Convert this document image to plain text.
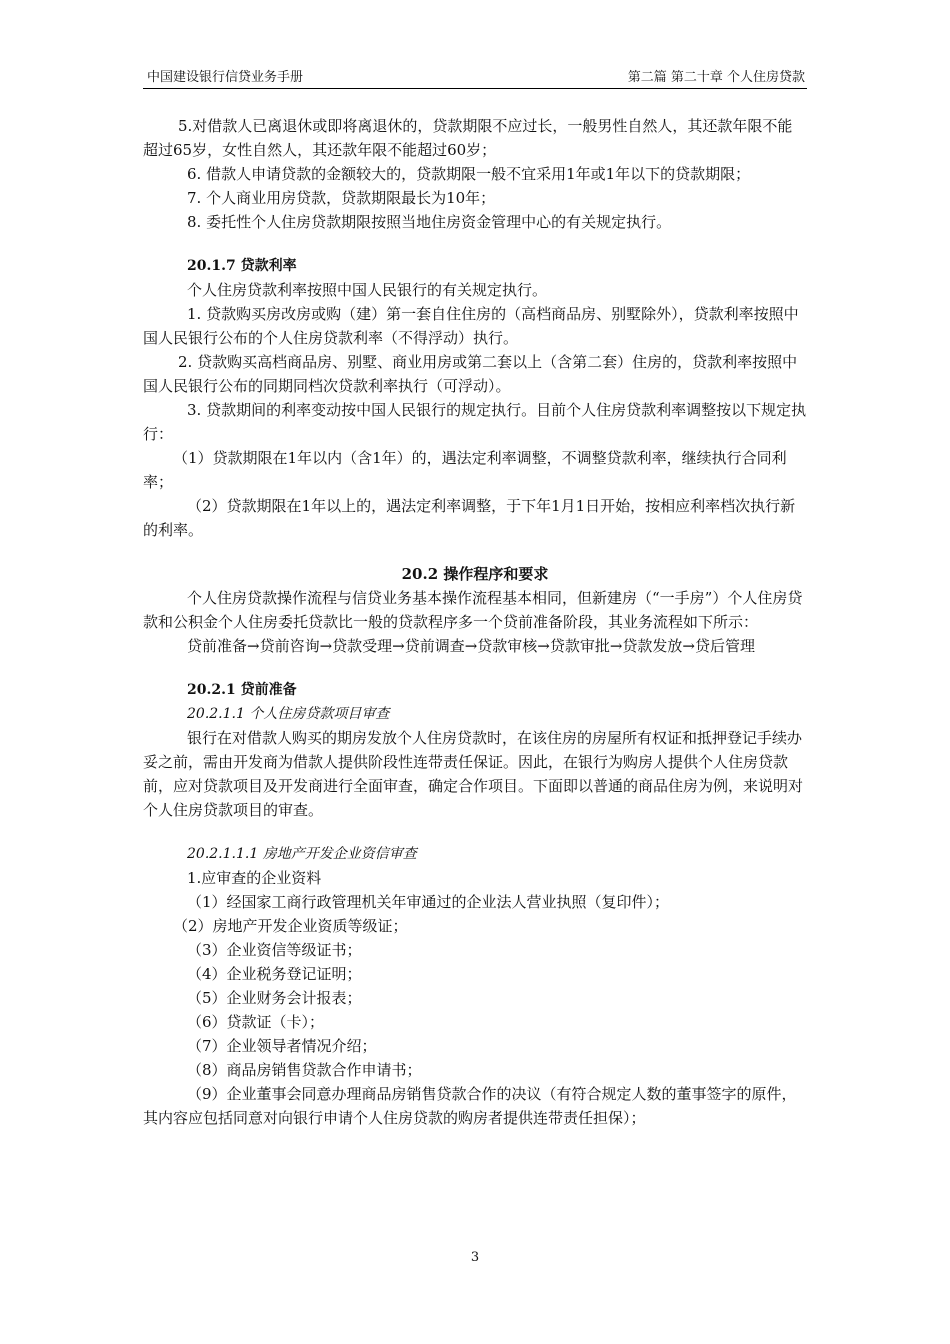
中国建设银行信贷业务手册	第二篇 第二十章 个人住房贷款

5.对借款人已离退休或即将离退休的，贷款期限不应过长，一般男性自然人，其还款年限不能超过65岁，女性自然人，其还款年限不能超过60岁；

6. 借款人申请贷款的金额较大的，贷款期限一般不宜采用1年或1年以下的贷款期限；

7. 个人商业用房贷款，贷款期限最长为10年；

8. 委托性个人住房贷款期限按照当地住房资金管理中心的有关规定执行。

20.1.7 贷款利率

个人住房贷款利率按照中国人民银行的有关规定执行。

1. 贷款购买房改房或购（建）第一套自住住房的（高档商品房、别墅除外），贷款利率按照中国人民银行公布的个人住房贷款利率（不得浮动）执行。

2. 贷款购买高档商品房、别墅、商业用房或第二套以上（含第二套）住房的，贷款利率按照中国人民银行公布的同期同档次贷款利率执行（可浮动）。

3. 贷款期间的利率变动按中国人民银行的规定执行。目前个人住房贷款利率调整按以下规定执行：

（1）贷款期限在1年以内（含1年）的，遇法定利率调整，不调整贷款利率，继续执行合同利率；

（2）贷款期限在1年以上的，遇法定利率调整，于下年1月1日开始，按相应利率档次执行新的利率。

20.2 操作程序和要求

个人住房贷款操作流程与信贷业务基本操作流程基本相同，但新建房（“一手房”）个人住房贷款和公积金个人住房委托贷款比一般的贷款程序多一个贷前准备阶段，其业务流程如下所示：

贷前准备→贷前咨询→贷款受理→贷前调查→贷款审核→贷款审批→贷款发放→贷后管理

20.2.1 贷前准备

20.2.1.1 个人住房贷款项目审查

银行在对借款人购买的期房发放个人住房贷款时，在该住房的房屋所有权证和抵押登记手续办妥之前，需由开发商为借款人提供阶段性连带责任保证。因此，在银行为购房人提供个人住房贷款前，应对贷款项目及开发商进行全面审查，确定合作项目。下面即以普通的商品住房为例，来说明对个人住房贷款项目的审查。

20.2.1.1.1 房地产开发企业资信审查

1.应审查的企业资料

（1）经国家工商行政管理机关年审通过的企业法人营业执照（复印件）；

（2）房地产开发企业资质等级证；

（3）企业资信等级证书；

（4）企业税务登记证明；

（5）企业财务会计报表；

（6）贷款证（卡）；

（7）企业领导者情况介绍；

（8）商品房销售贷款合作申请书；

（9）企业董事会同意办理商品房销售贷款合作的决议（有符合规定人数的董事签字的原件，其内容应包括同意对向银行申请个人住房贷款的购房者提供连带责任担保）；

3
